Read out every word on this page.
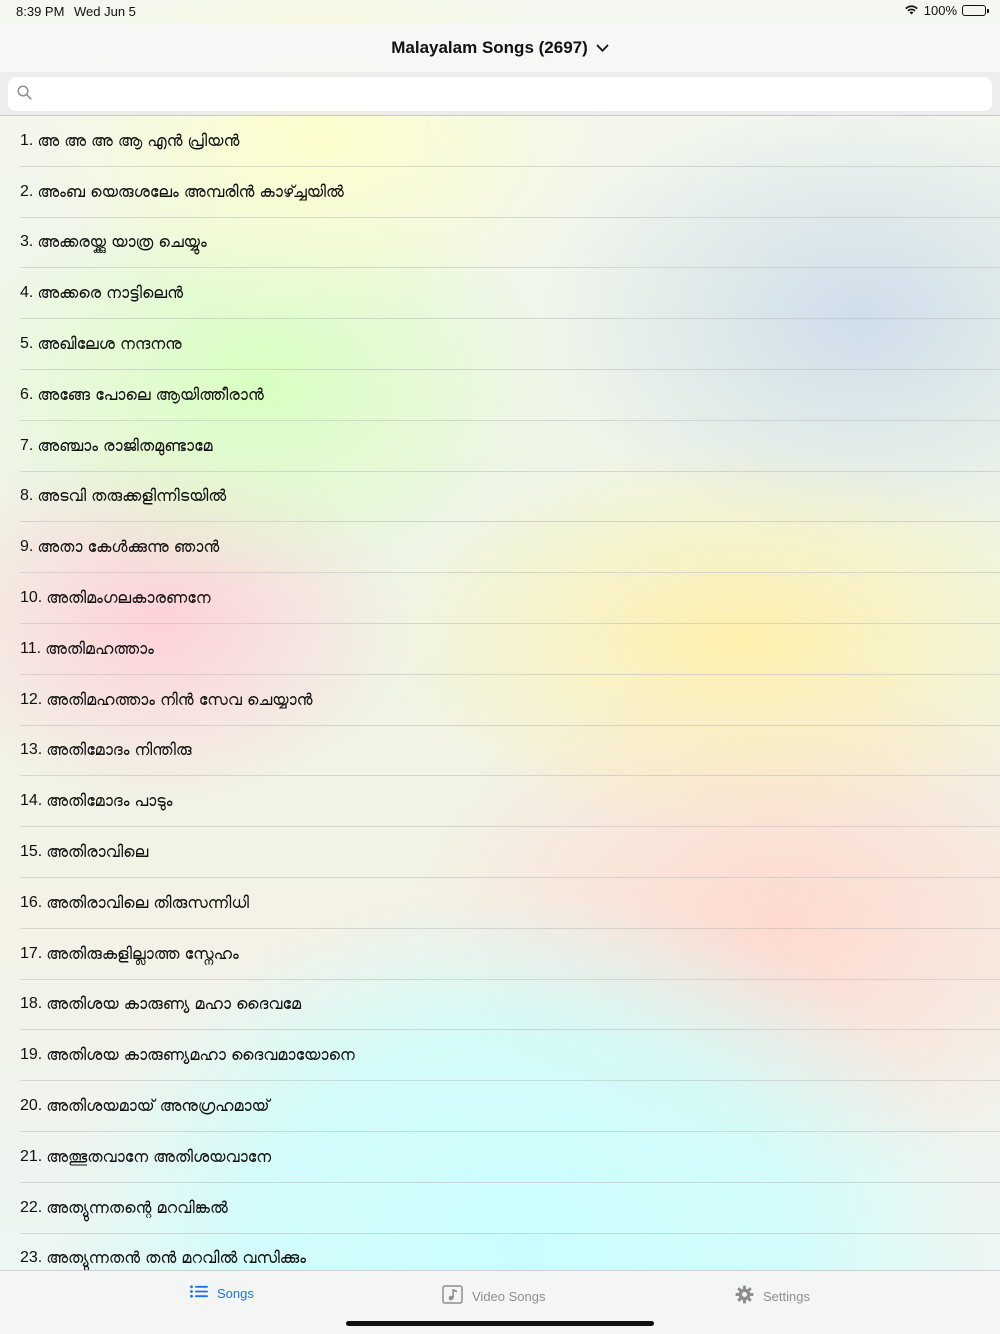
8:39 PM Wed Jun 5	100%
Malayalam Songs (2697)
1. അ അ അ ആ എൻ പ്രിയൻ
2. അംബ യെരുശലേം അമ്പരിൻ കാഴ്ച്ചയിൽ
3. അക്കരയ്ക്കു യാത്ര ചെയ്യും
4. അക്കരെ നാട്ടിലെൻ
5. അഖിലേശ നന്ദനനു
6. അങ്ങേ പോലെ ആയിത്തീരാൻ
7. അഞ്ചാം രാജിതമുണ്ടാമേ
8. അടവി തരുക്കളിന്നിടയിൽ
9. അതാ കേൾക്കുന്നു ഞാൻ
10. അതിമംഗലകാരണനേ
11. അതിമഹത്താം
12. അതിമഹത്താം നിൻ സേവ ചെയ്യാൻ
13. അതിമോദം നിന്തിരു
14. അതിമോദം പാടും
15. അതിരാവിലെ
16. അതിരാവിലെ തിരുസന്നിധി
17. അതിരുകളില്ലാത്ത സ്നേഹം
18. അതിശയ കാരുണ്യ മഹാ ദൈവമേ
19. അതിശയ കാരുണ്യമഹാ ദൈവമായോനെ
20. അതിശയമായ് അനുഗ്രഹമായ്
21. അത്ഭുതവാനേ അതിശയവാനേ
22. അത്യുന്നതന്റെ മറവിങ്കൽ
23. അത്യുന്നതൻ തൻ മറവിൽ വസിക്കും
Songs	Video Songs	Settings
